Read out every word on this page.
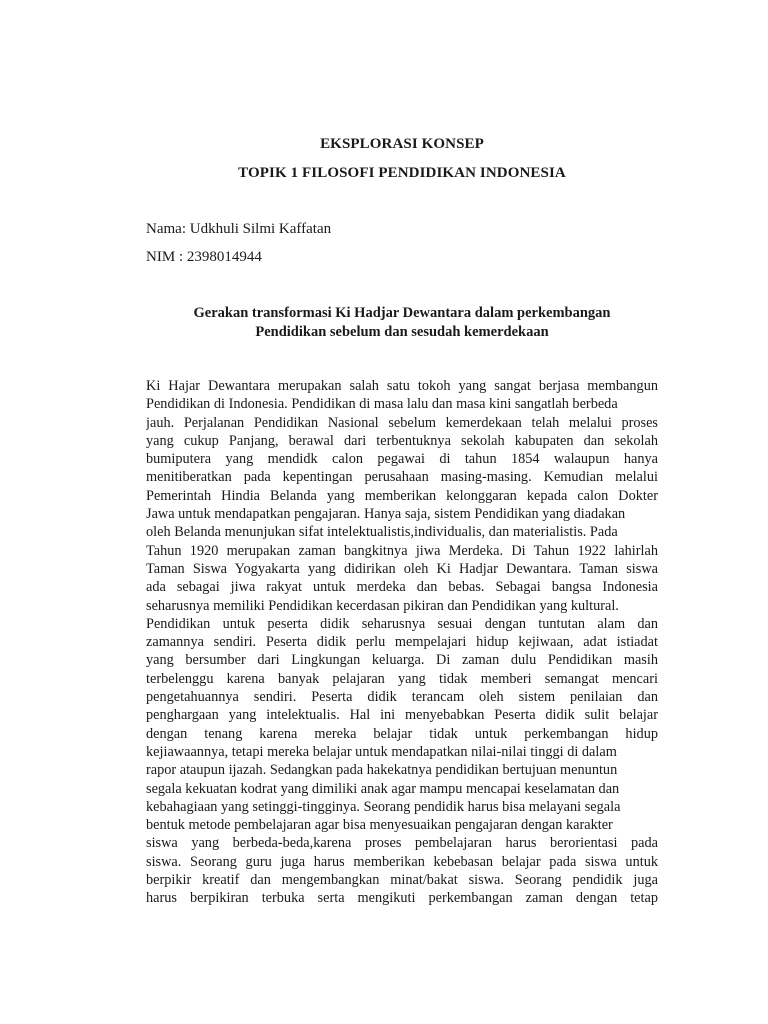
EKSPLORASI KONSEP
TOPIK 1 FILOSOFI PENDIDIKAN INDONESIA
Nama: Udkhuli Silmi Kaffatan
NIM : 2398014944
Gerakan transformasi Ki Hadjar Dewantara dalam perkembangan
Pendidikan sebelum dan sesudah kemerdekaan
Ki Hajar Dewantara merupakan salah satu tokoh yang sangat berjasa membangun
Pendidikan di Indonesia. Pendidikan di masa lalu dan masa kini sangatlah berbeda
jauh. Perjalanan Pendidikan Nasional sebelum kemerdekaan telah melalui proses
yang cukup Panjang, berawal dari terbentuknya sekolah kabupaten dan sekolah
bumiputera yang mendidk calon pegawai di tahun 1854 walaupun hanya
menitiberatkan pada kepentingan perusahaan masing-masing. Kemudian melalui
Pemerintah Hindia Belanda yang memberikan kelonggaran kepada calon Dokter
Jawa untuk mendapatkan pengajaran. Hanya saja, sistem Pendidikan yang diadakan
oleh Belanda menunjukan sifat intelektualistis,individualis, dan materialistis. Pada
Tahun 1920 merupakan zaman bangkitnya jiwa Merdeka. Di Tahun 1922 lahirlah
Taman Siswa Yogyakarta yang didirikan oleh Ki Hadjar Dewantara. Taman siswa
ada sebagai jiwa rakyat untuk merdeka dan bebas. Sebagai bangsa Indonesia
seharusnya memiliki Pendidikan kecerdasan pikiran dan Pendidikan yang kultural.
Pendidikan untuk peserta didik seharusnya sesuai dengan tuntutan alam dan
zamannya sendiri. Peserta didik perlu mempelajari hidup kejiwaan, adat istiadat
yang bersumber dari Lingkungan keluarga. Di zaman dulu Pendidikan masih
terbelenggu karena banyak pelajaran yang tidak memberi semangat mencari
pengetahuannya sendiri. Peserta didik terancam oleh sistem penilaian dan
penghargaan yang intelektualis. Hal ini menyebabkan Peserta didik sulit belajar
dengan tenang karena mereka belajar tidak untuk perkembangan hidup
kejiawaannya, tetapi mereka belajar untuk mendapatkan nilai-nilai tinggi di dalam
rapor ataupun ijazah. Sedangkan pada hakekatnya pendidikan bertujuan menuntun
segala kekuatan kodrat yang dimiliki anak agar mampu mencapai keselamatan dan
kebahagiaan yang setinggi-tingginya. Seorang pendidik harus bisa melayani segala
bentuk metode pembelajaran agar bisa menyesuaikan pengajaran dengan karakter
siswa yang berbeda-beda,karena proses pembelajaran harus berorientasi pada
siswa. Seorang guru juga harus memberikan kebebasan belajar pada siswa untuk
berpikir kreatif dan mengembangkan minat/bakat siswa. Seorang pendidik juga
harus berpikiran terbuka serta mengikuti perkembangan zaman dengan tetap
